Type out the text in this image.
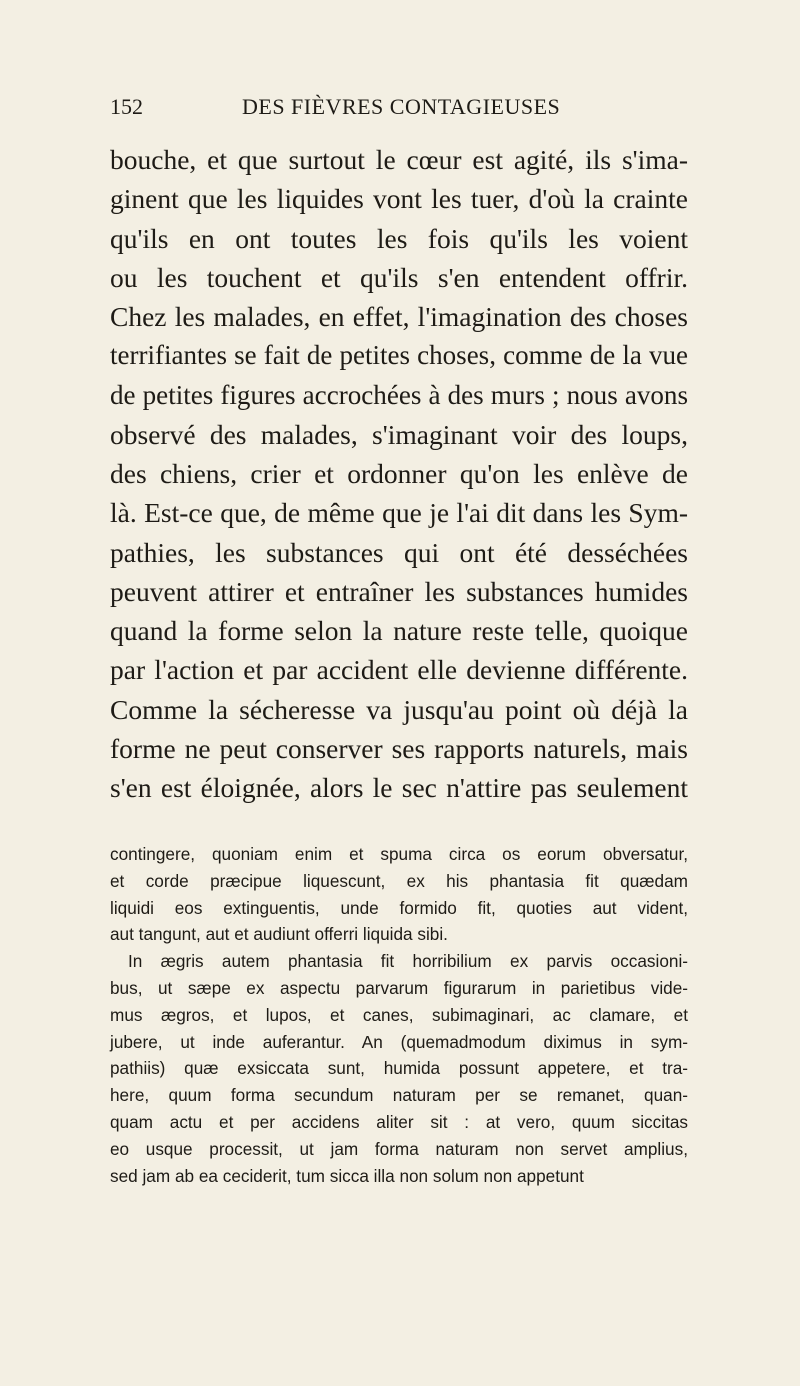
152	DES FIÈVRES CONTAGIEUSES
bouche, et que surtout le cœur est agité, ils s'ima-
ginent que les liquides vont les tuer, d'où la crainte
qu'ils en ont toutes les fois qu'ils les voient
ou les touchent et qu'ils s'en entendent offrir.
Chez les malades, en effet, l'imagination des choses
terrifiantes se fait de petites choses, comme de la vue
de petites figures accrochées à des murs ; nous avons
observé des malades, s'imaginant voir des loups,
des chiens, crier et ordonner qu'on les enlève de
là. Est-ce que, de même que je l'ai dit dans les Sym-
pathies, les substances qui ont été desséchées
peuvent attirer et entraîner les substances humides
quand la forme selon la nature reste telle, quoique
par l'action et par accident elle devienne différente.
Comme la sécheresse va jusqu'au point où déjà la
forme ne peut conserver ses rapports naturels, mais
s'en est éloignée, alors le sec n'attire pas seulement
contingere, quoniam enim et spuma circa os eorum obversatur,
et corde præcipue liquescunt, ex his phantasia fit quædam
liquidi eos extinguentis, unde formido fit, quoties aut vident,
aut tangunt, aut et audiunt offerri liquida sibi.
In ægris autem phantasia fit horribilium ex parvis occasioni-
bus, ut sæpe ex aspectu parvarum figurarum in parietibus vide-
mus ægros, et lupos, et canes, subimaginari, ac clamare, et
jubere, ut inde auferantur. An (quemadmodum diximus in sym-
pathiis) quæ exsiccata sunt, humida possunt appetere, et tra-
here, quum forma secundum naturam per se remanet, quan-
quam actu et per accidens aliter sit : at vero, quum siccitas
eo usque processit, ut jam forma naturam non servet amplius,
sed jam ab ea ceciderit, tum sicca illa non solum non appetunt
